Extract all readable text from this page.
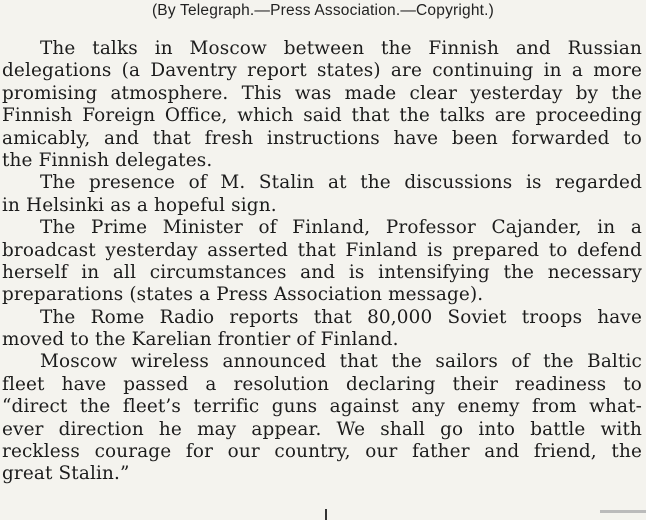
(By Telegraph.—Press Association.—Copyright.)
The talks in Moscow between the Finnish and Russian
delegations (a Daventry report states) are continuing in a more
promising atmosphere. This was made clear yesterday by the
Finnish Foreign Office, which said that the talks are proceeding
amicably, and that fresh instructions have been forwarded to
the Finnish delegates.
The presence of M. Stalin at the discussions is regarded
in Helsinki as a hopeful sign.
The Prime Minister of Finland, Professor Cajander, in a
broadcast yesterday asserted that Finland is prepared to defend
herself in all circumstances and is intensifying the necessary
preparations (states a Press Association message).
The Rome Radio reports that 80,000 Soviet troops have
moved to the Karelian frontier of Finland.
Moscow wireless announced that the sailors of the Baltic
fleet have passed a resolution declaring their readiness to
“direct the fleet’s terrific guns against any enemy from what-
ever direction he may appear. We shall go into battle with
reckless courage for our country, our father and friend, the
great Stalin.”
